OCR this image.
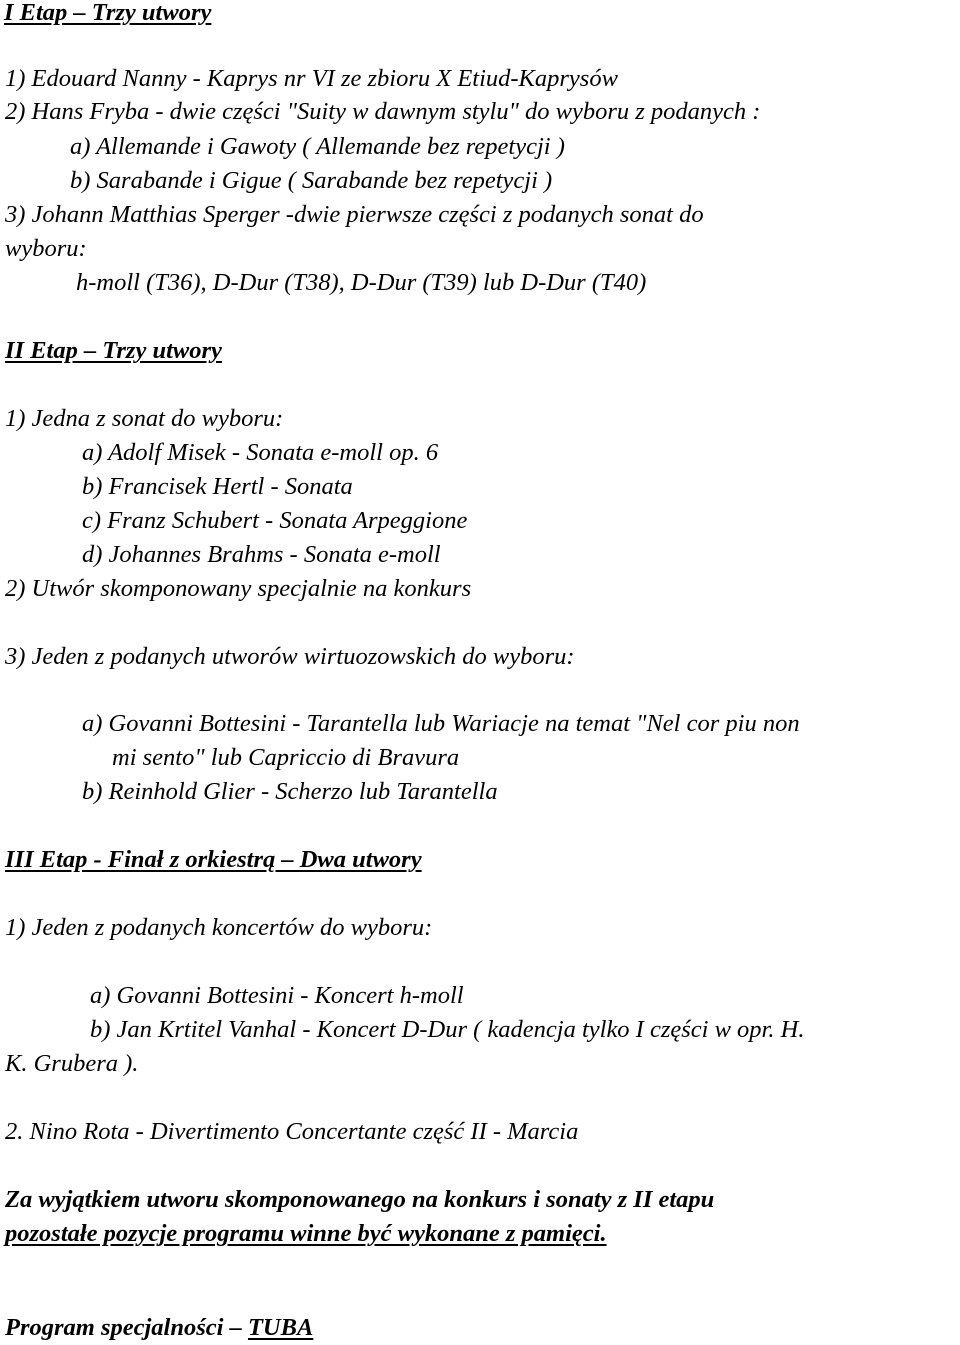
I Etap – Trzy utwory
1) Edouard Nanny - Kaprys nr VI ze zbioru X Etiud-Kaprysów
2) Hans Fryba - dwie części "Suity w dawnym stylu" do wyboru z podanych :
a) Allemande i Gawoty ( Allemande bez repetycji )
b) Sarabande i Gigue ( Sarabande bez repetycji )
3) Johann Matthias Sperger -dwie pierwsze części z podanych sonat do
wyboru:
h-moll (T36), D-Dur (T38), D-Dur (T39) lub D-Dur (T40)
II Etap – Trzy utwory
1) Jedna z sonat do wyboru:
a) Adolf Misek - Sonata e-moll op. 6
b) Francisek Hertl - Sonata
c) Franz Schubert - Sonata Arpeggione
d) Johannes Brahms - Sonata e-moll
2) Utwór skomponowany specjalnie na konkurs
3) Jeden z podanych utworów wirtuozowskich do wyboru:
a) Govanni Bottesini - Tarantella lub Wariacje na temat "Nel cor piu non
mi sento" lub Capriccio di Bravura
b) Reinhold Glier - Scherzo lub Tarantella
III Etap - Finał z orkiestrą – Dwa utwory
1) Jeden z podanych koncertów do wyboru:
a) Govanni Bottesini - Koncert h-moll
b) Jan Krtitel Vanhal - Koncert D-Dur ( kadencja tylko I części w opr. H.
K. Grubera ).
2. Nino Rota - Divertimento Concertante część II - Marcia
Za wyjątkiem utworu skomponowanego na konkurs i sonaty z II etapu
pozostałe pozycje programu winne być wykonane z pamięci.
Program specjalności – TUBA
